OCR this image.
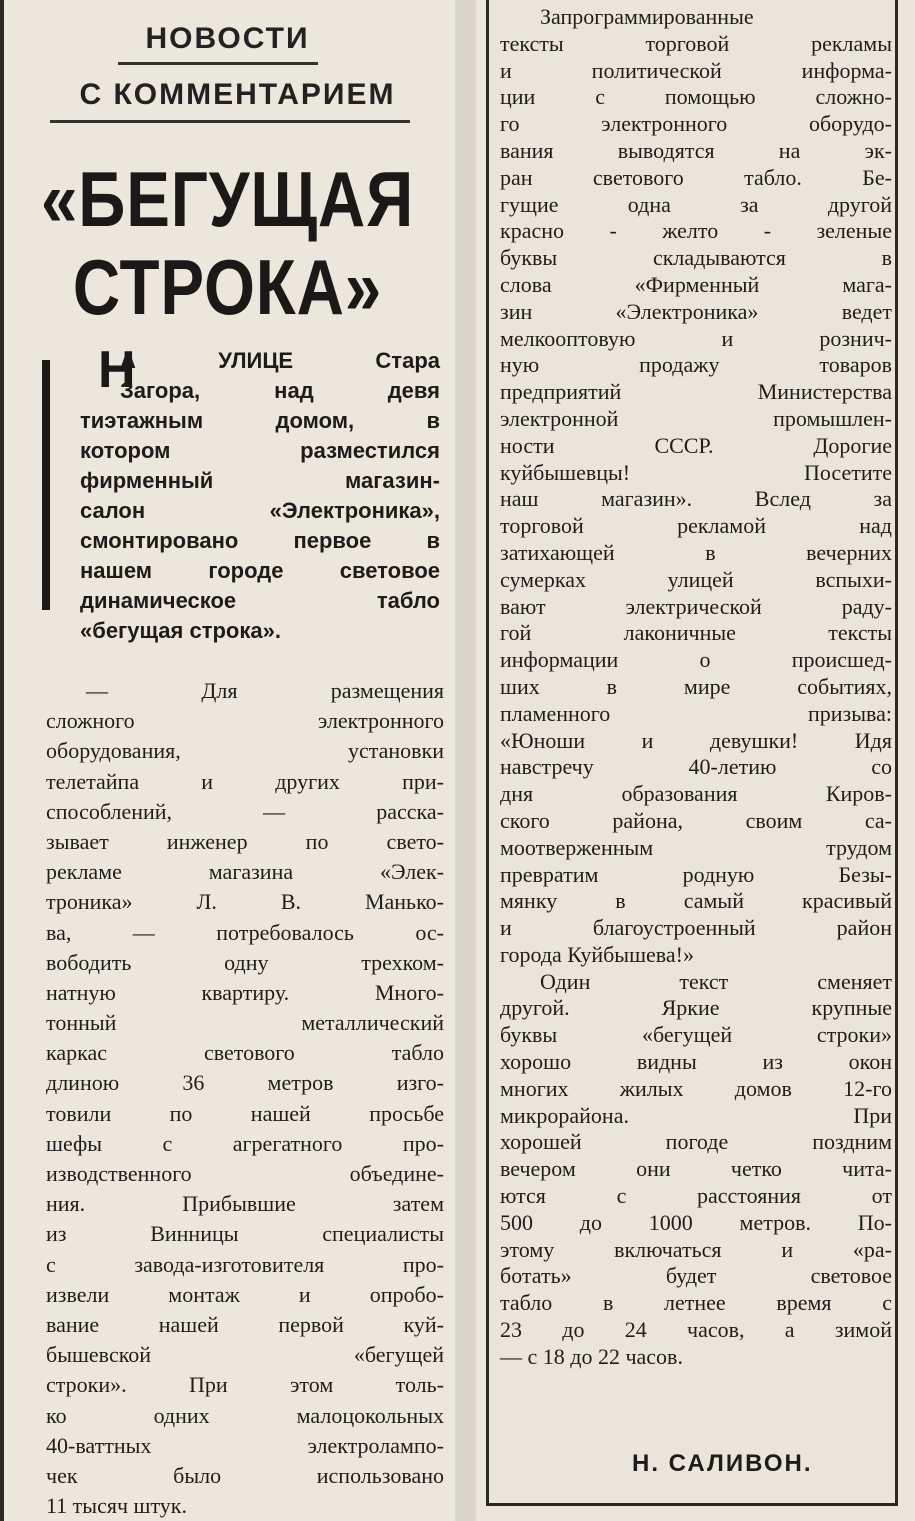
НОВОСТИ
С КОММЕНТАРИЕМ
«БЕГУЩАЯ
СТРОКА»
Н
А УЛИЦЕ Стара
Загора, над девя
тиэтажным домом, в
котором разместился
фирменный магазин-
салон «Электроника»,
смонтировано первое в
нашем городе световое
динамическое табло
«бегущая строка».
— Для размещения
сложного электронного
оборудования, установки
телетайпа и других при-
способлений, — расска-
зывает инженер по свето-
рекламе магазина «Элек-
троника» Л. В. Манько-
ва, — потребовалось ос-
вободить одну трехком-
натную квартиру. Много-
тонный металлический
каркас светового табло
длиною 36 метров изго-
товили по нашей просьбе
шефы с агрегатного про-
изводственного объедине-
ния. Прибывшие затем
из Винницы специалисты
с завода-изготовителя про-
извели монтаж и опробо-
вание нашей первой куй-
бышевской «бегущей
строки». При этом толь-
ко одних малоцокольных
40-ваттных электролампо-
чек было использовано
11 тысяч штук.
Запрограммированные
тексты торговой рекламы
и политической информа-
ции с помощью сложно-
го электронного оборудо-
вания выводятся на эк-
ран светового табло. Бе-
гущие одна за другой
красно - желто - зеленые
буквы складываются в
слова «Фирменный мага-
зин «Электроника» ведет
мелкооптовую и рознич-
ную продажу товаров
предприятий Министерства
электронной промышлен-
ности СССР. Дорогие
куйбышевцы! Посетите
наш магазин». Вслед за
торговой рекламой над
затихающей в вечерних
сумерках улицей вспыхи-
вают электрической раду-
гой лаконичные тексты
информации о происшед-
ших в мире событиях,
пламенного призыва:
«Юноши и девушки! Идя
навстречу 40-летию со
дня образования Киров-
ского района, своим са-
моотверженным трудом
превратим родную Безы-
мянку в самый красивый
и благоустроенный район
города Куйбышева!»
Один текст сменяет
другой. Яркие крупные
буквы «бегущей строки»
хорошо видны из окон
многих жилых домов 12-го
микрорайона. При
хорошей погоде поздним
вечером они четко чита-
ются с расстояния от
500 до 1000 метров. По-
этому включаться и «ра-
ботать» будет световое
табло в летнее время с
23 до 24 часов, а зимой
— с 18 до 22 часов.
Н. САЛИВОН.
